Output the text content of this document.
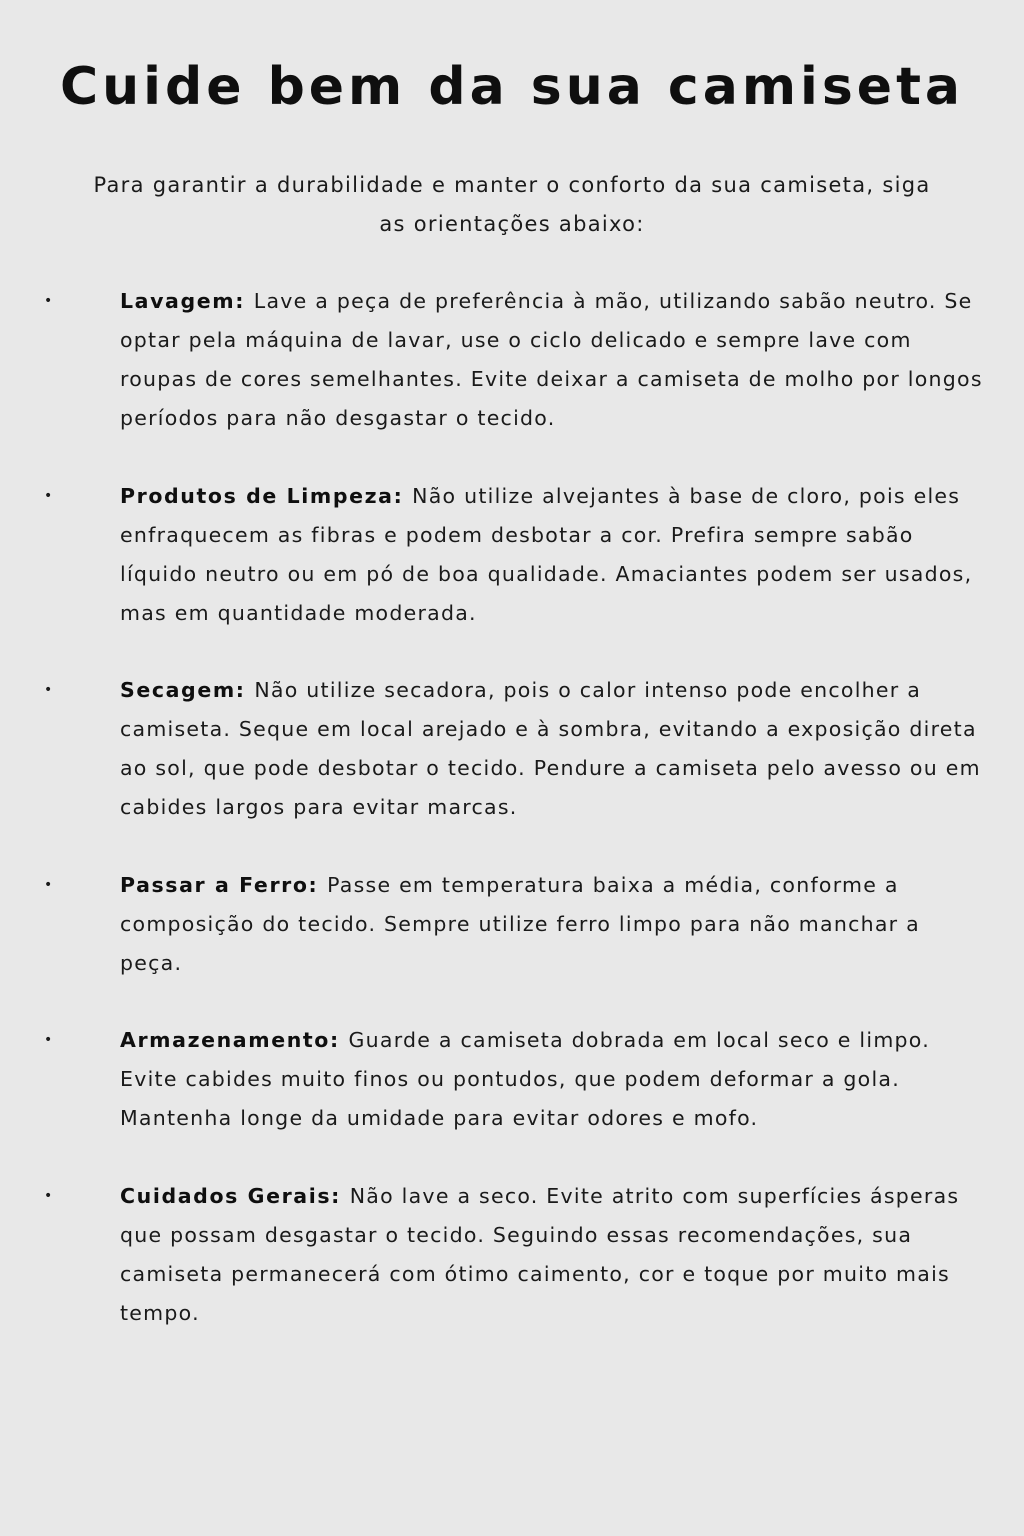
Cuide bem da sua camiseta

Para garantir a durabilidade e manter o conforto da sua camiseta, siga as orientações abaixo:

•	Lavagem: Lave a peça de preferência à mão, utilizando sabão neutro. Se optar pela máquina de lavar, use o ciclo delicado e sempre lave com roupas de cores semelhantes. Evite deixar a camiseta de molho por longos períodos para não desgastar o tecido.
•	Produtos de Limpeza: Não utilize alvejantes à base de cloro, pois eles enfraquecem as fibras e podem desbotar a cor. Prefira sempre sabão líquido neutro ou em pó de boa qualidade. Amaciantes podem ser usados, mas em quantidade moderada.
•	Secagem: Não utilize secadora, pois o calor intenso pode encolher a camiseta. Seque em local arejado e à sombra, evitando a exposição direta ao sol, que pode desbotar o tecido. Pendure a camiseta pelo avesso ou em cabides largos para evitar marcas.
•	Passar a Ferro: Passe em temperatura baixa a média, conforme a composição do tecido. Sempre utilize ferro limpo para não manchar a peça.
•	Armazenamento: Guarde a camiseta dobrada em local seco e limpo. Evite cabides muito finos ou pontudos, que podem deformar a gola. Mantenha longe da umidade para evitar odores e mofo.
•	Cuidados Gerais: Não lave a seco. Evite atrito com superfícies ásperas que possam desgastar o tecido. Seguindo essas recomendações, sua camiseta permanecerá com ótimo caimento, cor e toque por muito mais tempo.
